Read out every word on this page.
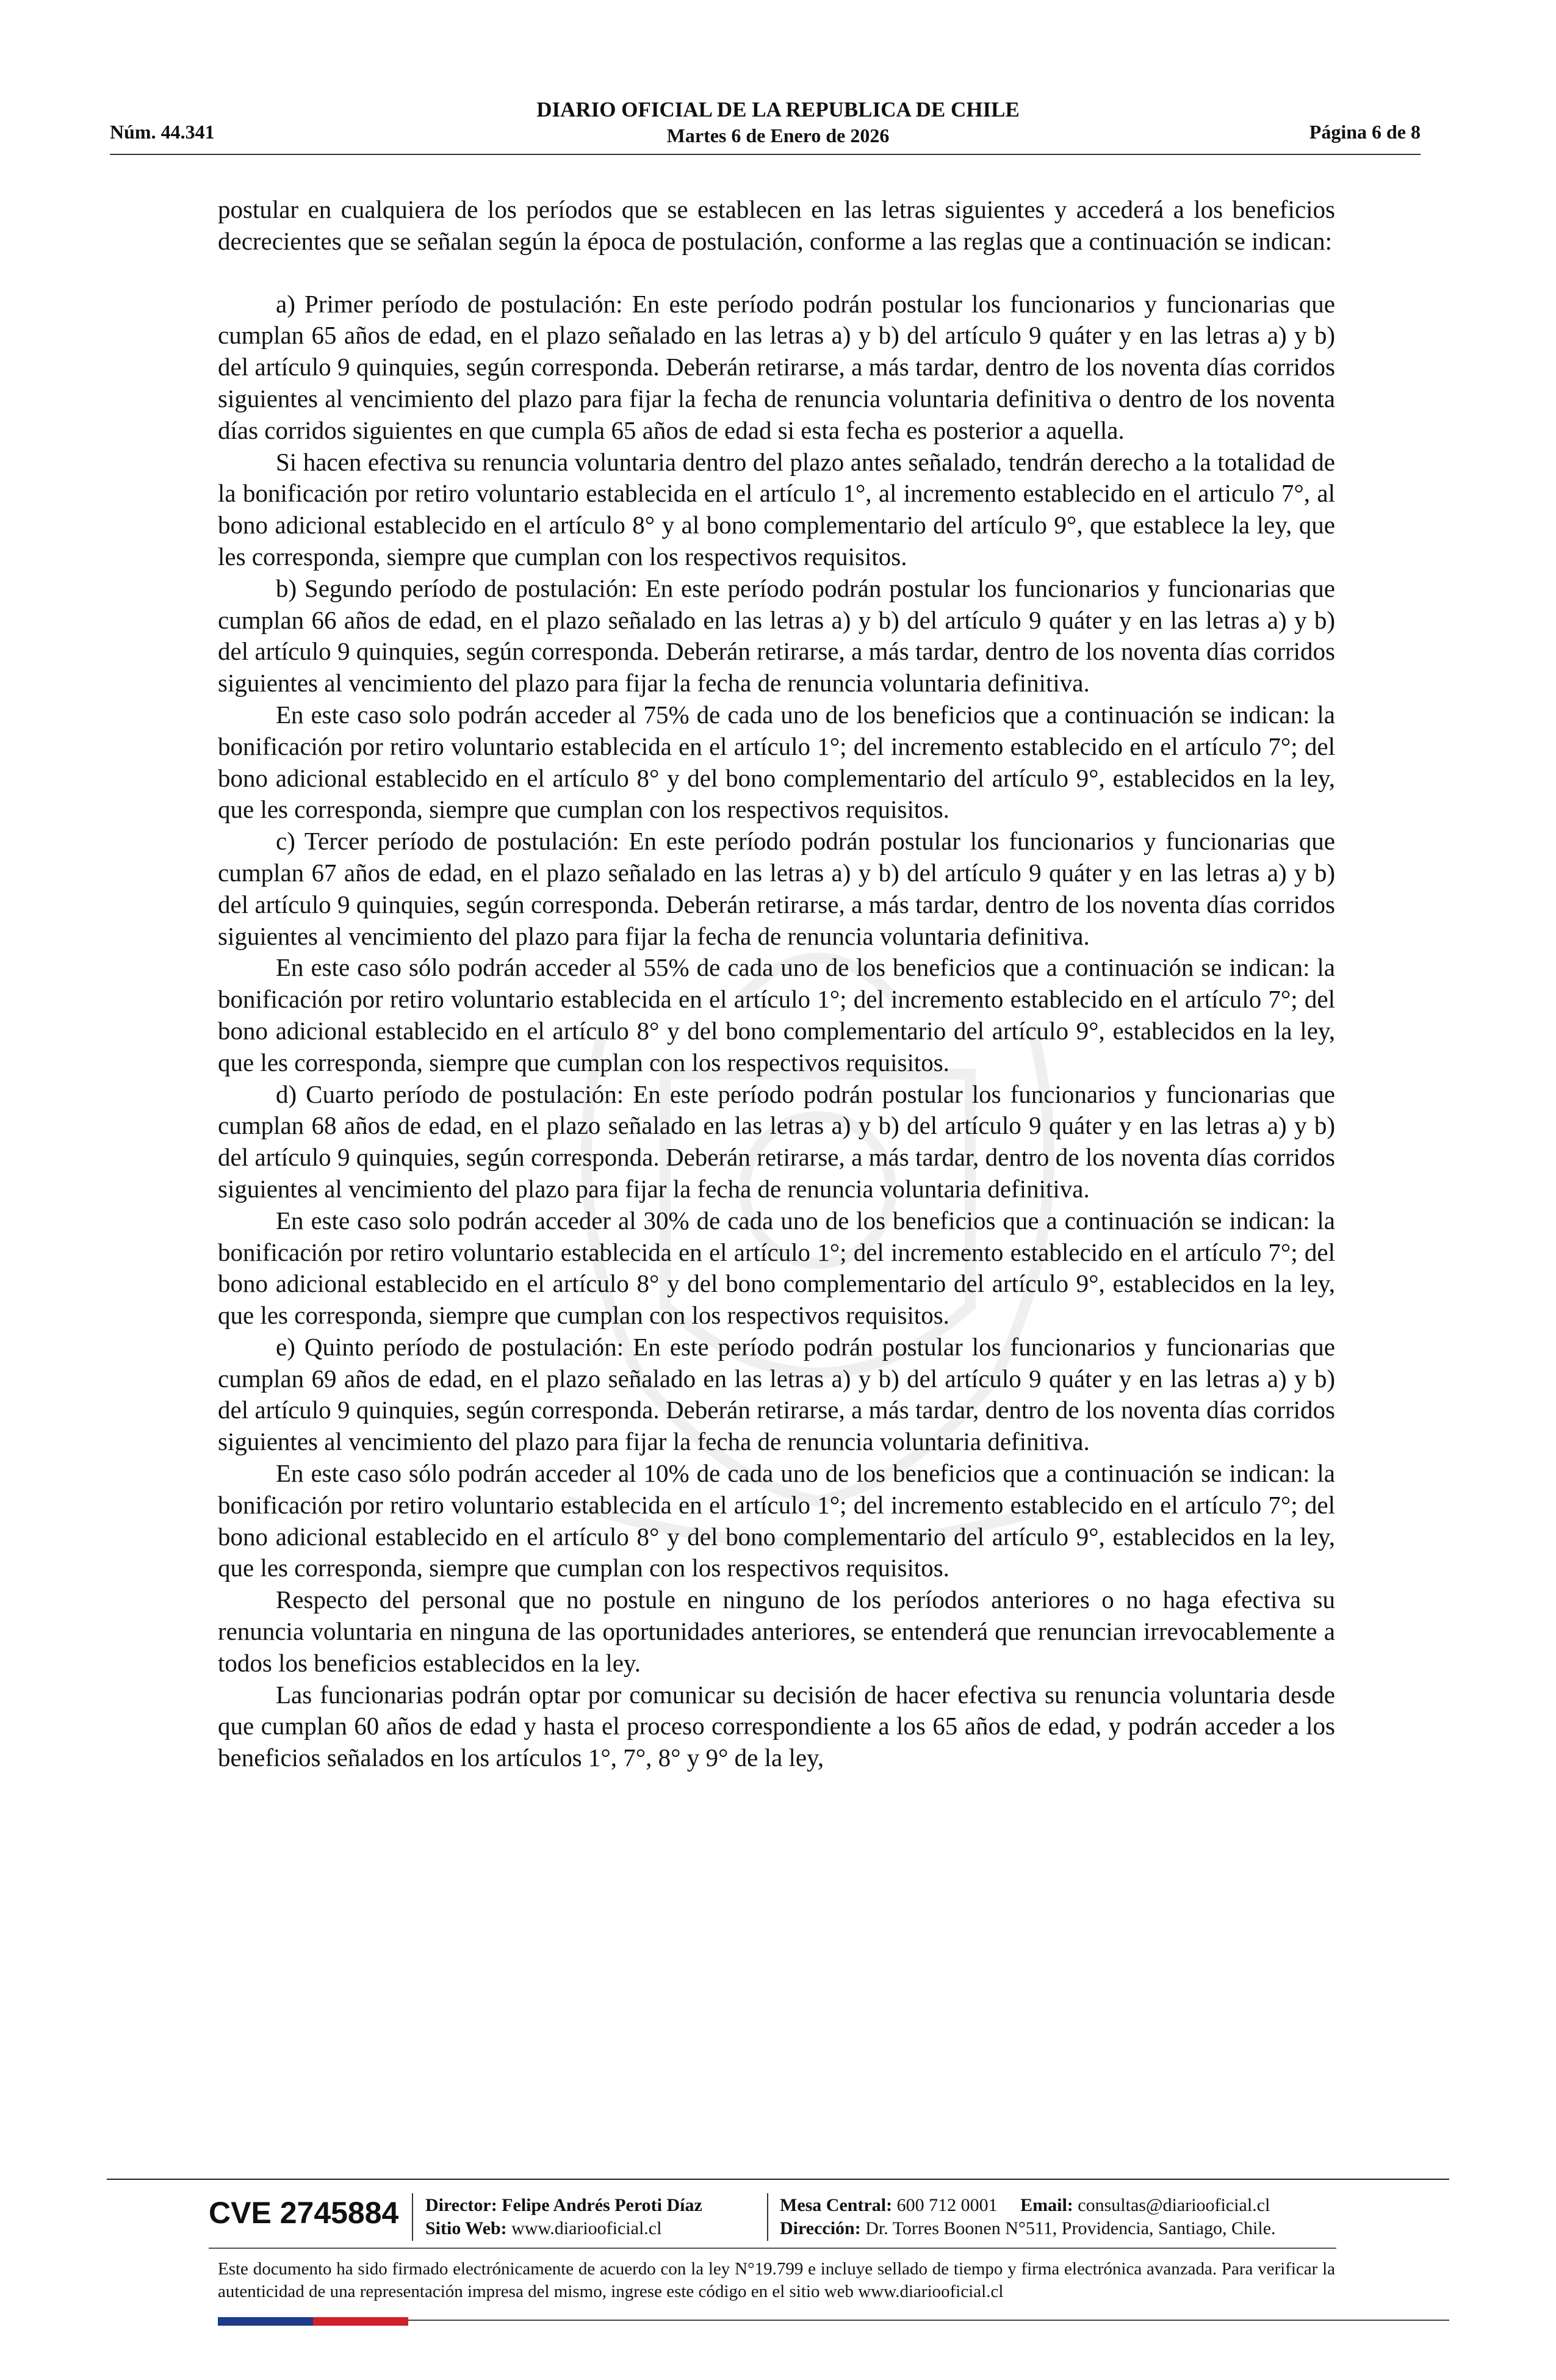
Núm. 44.341
DIARIO OFICIAL DE LA REPUBLICA DE CHILE
Martes 6 de Enero de 2026	Página 6 de 8

postular en cualquiera de los períodos que se establecen en las letras siguientes y accederá a los beneficios decrecientes que se señalan según la época de postulación, conforme a las reglas que a continuación se indican:

a) Primer período de postulación: En este período podrán postular los funcionarios y funcionarias que cumplan 65 años de edad, en el plazo señalado en las letras a) y b) del artículo 9 quáter y en las letras a) y b) del artículo 9 quinquies, según corresponda. Deberán retirarse, a más tardar, dentro de los noventa días corridos siguientes al vencimiento del plazo para fijar la fecha de renuncia voluntaria definitiva o dentro de los noventa días corridos siguientes en que cumpla 65 años de edad si esta fecha es posterior a aquella.

Si hacen efectiva su renuncia voluntaria dentro del plazo antes señalado, tendrán derecho a la totalidad de la bonificación por retiro voluntario establecida en el artículo 1°, al incremento establecido en el articulo 7°, al bono adicional establecido en el artículo 8° y al bono complementario del artículo 9°, que establece la ley, que les corresponda, siempre que cumplan con los respectivos requisitos.

b) Segundo período de postulación: En este período podrán postular los funcionarios y funcionarias que cumplan 66 años de edad, en el plazo señalado en las letras a) y b) del artículo 9 quáter y en las letras a) y b) del artículo 9 quinquies, según corresponda. Deberán retirarse, a más tardar, dentro de los noventa días corridos siguientes al vencimiento del plazo para fijar la fecha de renuncia voluntaria definitiva.

En este caso solo podrán acceder al 75% de cada uno de los beneficios que a continuación se indican: la bonificación por retiro voluntario establecida en el artículo 1°; del incremento establecido en el artículo 7°; del bono adicional establecido en el artículo 8° y del bono complementario del artículo 9°, establecidos en la ley, que les corresponda, siempre que cumplan con los respectivos requisitos.

c) Tercer período de postulación: En este período podrán postular los funcionarios y funcionarias que cumplan 67 años de edad, en el plazo señalado en las letras a) y b) del artículo 9 quáter y en las letras a) y b) del artículo 9 quinquies, según corresponda. Deberán retirarse, a más tardar, dentro de los noventa días corridos siguientes al vencimiento del plazo para fijar la fecha de renuncia voluntaria definitiva.

En este caso sólo podrán acceder al 55% de cada uno de los beneficios que a continuación se indican: la bonificación por retiro voluntario establecida en el artículo 1°; del incremento establecido en el artículo 7°; del bono adicional establecido en el artículo 8° y del bono complementario del artículo 9°, establecidos en la ley, que les corresponda, siempre que cumplan con los respectivos requisitos.

d) Cuarto período de postulación: En este período podrán postular los funcionarios y funcionarias que cumplan 68 años de edad, en el plazo señalado en las letras a) y b) del artículo 9 quáter y en las letras a) y b) del artículo 9 quinquies, según corresponda. Deberán retirarse, a más tardar, dentro de los noventa días corridos siguientes al vencimiento del plazo para fijar la fecha de renuncia voluntaria definitiva.

En este caso solo podrán acceder al 30% de cada uno de los beneficios que a continuación se indican: la bonificación por retiro voluntario establecida en el artículo 1°; del incremento establecido en el artículo 7°; del bono adicional establecido en el artículo 8° y del bono complementario del artículo 9°, establecidos en la ley, que les corresponda, siempre que cumplan con los respectivos requisitos.

e) Quinto período de postulación: En este período podrán postular los funcionarios y funcionarias que cumplan 69 años de edad, en el plazo señalado en las letras a) y b) del artículo 9 quáter y en las letras a) y b) del artículo 9 quinquies, según corresponda. Deberán retirarse, a más tardar, dentro de los noventa días corridos siguientes al vencimiento del plazo para fijar la fecha de renuncia voluntaria definitiva.

En este caso sólo podrán acceder al 10% de cada uno de los beneficios que a continuación se indican: la bonificación por retiro voluntario establecida en el artículo 1°; del incremento establecido en el artículo 7°; del bono adicional establecido en el artículo 8° y del bono complementario del artículo 9°, establecidos en la ley, que les corresponda, siempre que cumplan con los respectivos requisitos.

Respecto del personal que no postule en ninguno de los períodos anteriores o no haga efectiva su renuncia voluntaria en ninguna de las oportunidades anteriores, se entenderá que renuncian irrevocablemente a todos los beneficios establecidos en la ley.

Las funcionarias podrán optar por comunicar su decisión de hacer efectiva su renuncia voluntaria desde que cumplan 60 años de edad y hasta el proceso correspondiente a los 65 años de edad, y podrán acceder a los beneficios señalados en los artículos 1°, 7°, 8° y 9° de la ley,

CVE 2745884 Director: Felipe Andrés Peroti Díaz
Sitio Web: www.diariooficial.cl
Mesa Central: 600 712 0001 Email: consultas@diariooficial.cl
Dirección: Dr. Torres Boonen N°511, Providencia, Santiago, Chile.
Este documento ha sido firmado electrónicamente de acuerdo con la ley N°19.799 e incluye sellado de tiempo y firma electrónica avanzada. Para verificar la autenticidad de una representación impresa del mismo, ingrese este código en el sitio web www.diariooficial.cl
